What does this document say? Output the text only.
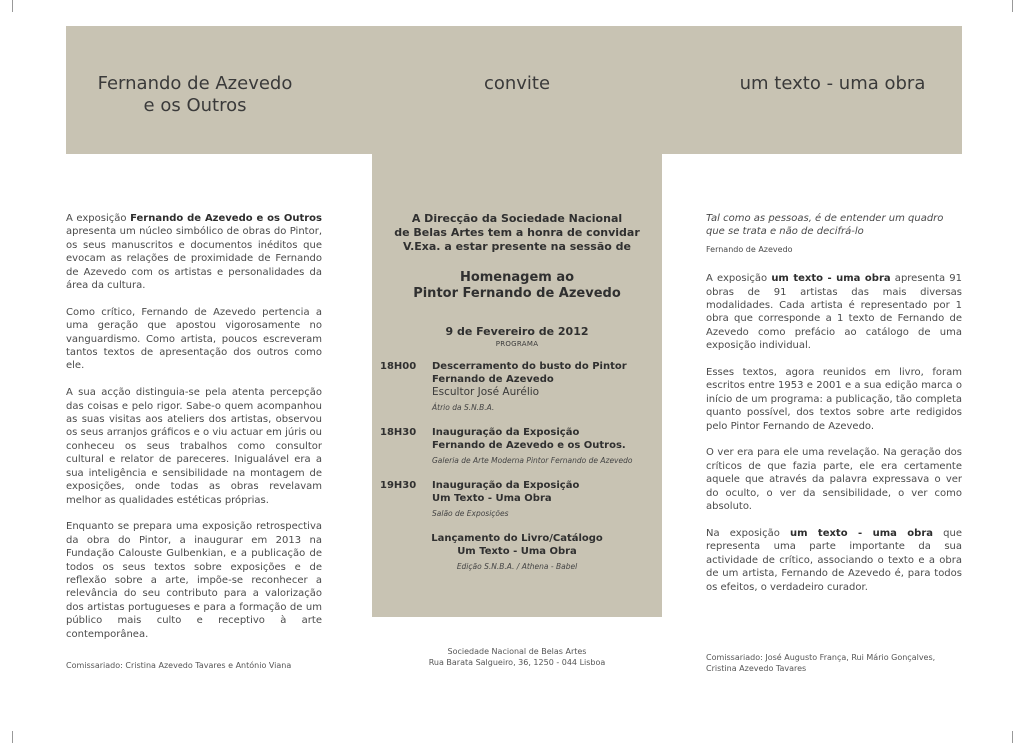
Fernando de Azevedo
e os Outros
convite	um texto - uma obra

A exposição Fernando de Azevedo e os Outros apresenta um núcleo simbólico de obras do Pintor, os seus manuscritos e documentos inéditos que evocam as relações de proximidade de Fernando de Azevedo com os artistas e personalidades da área da cultura.

Como crítico, Fernando de Azevedo pertencia a uma geração que apostou vigorosamente no vanguardismo. Como artista, poucos escreveram tantos textos de apresentação dos outros como ele.

A sua acção distinguia-se pela atenta percepção das coisas e pelo rigor. Sabe-o quem acompanhou as suas visitas aos ateliers dos artistas, observou os seus arranjos gráficos e o viu actuar em júris ou conheceu os seus trabalhos como consultor cultural e relator de pareceres. Inigualável era a sua inteligência e sensibilidade na montagem de exposições, onde todas as obras revelavam melhor as qualidades estéticas próprias.

Enquanto se prepara uma exposição retrospectiva da obra do Pintor, a inaugurar em 2013 na Fundação Calouste Gulbenkian, e a publicação de todos os seus textos sobre exposições e de reflexão sobre a arte, impõe-se reconhecer a relevância do seu contributo para a valorização dos artistas portugueses e para a formação de um público mais culto e receptivo à arte contemporânea.

A Direcção da Sociedade Nacional
de Belas Artes tem a honra de convidar
V.Exa. a estar presente na sessão de
Homenagem ao
Pintor Fernando de Azevedo
9 de Fevereiro de 2012
PROGRAMA
18H00 Descerramento do busto do Pintor
Fernando de Azevedo
Escultor José Aurélio
Átrio da S.N.B.A.
18H30 Inauguração da Exposição
Fernando de Azevedo e os Outros.
Galeria de Arte Moderna Pintor Fernando de Azevedo
19H30 Inauguração da Exposição
Um Texto - Uma Obra
Salão de Exposições
Lançamento do Livro/Catálogo
Um Texto - Uma Obra
Edição S.N.B.A. / Athena - Babel

Tal como as pessoas, é de entender um quadro que se trata e não de decifrá-lo

Fernando de Azevedo

A exposição um texto - uma obra apresenta 91 obras de 91 artistas das mais diversas modalidades. Cada artista é representado por 1 obra que corresponde a 1 texto de Fernando de Azevedo como prefácio ao catálogo de uma exposição individual.

Esses textos, agora reunidos em livro, foram escritos entre 1953 e 2001 e a sua edição marca o início de um programa: a publicação, tão completa quanto possível, dos textos sobre arte redigidos pelo Pintor Fernando de Azevedo.

O ver era para ele uma revelação. Na geração dos críticos de que fazia parte, ele era certamente aquele que através da palavra expressava o ver do oculto, o ver da sensibilidade, o ver como absoluto.

Na exposição um texto - uma obra que representa uma parte importante da sua actividade de crítico, associando o texto e a obra de um artista, Fernando de Azevedo é, para todos os efeitos, o verdadeiro curador.

Comissariado: Cristina Azevedo Tavares e António Viana
Sociedade Nacional de Belas Artes
Rua Barata Salgueiro, 36, 1250 - 044 Lisboa
Comissariado: José Augusto França, Rui Mário Gonçalves,
Cristina Azevedo Tavares
